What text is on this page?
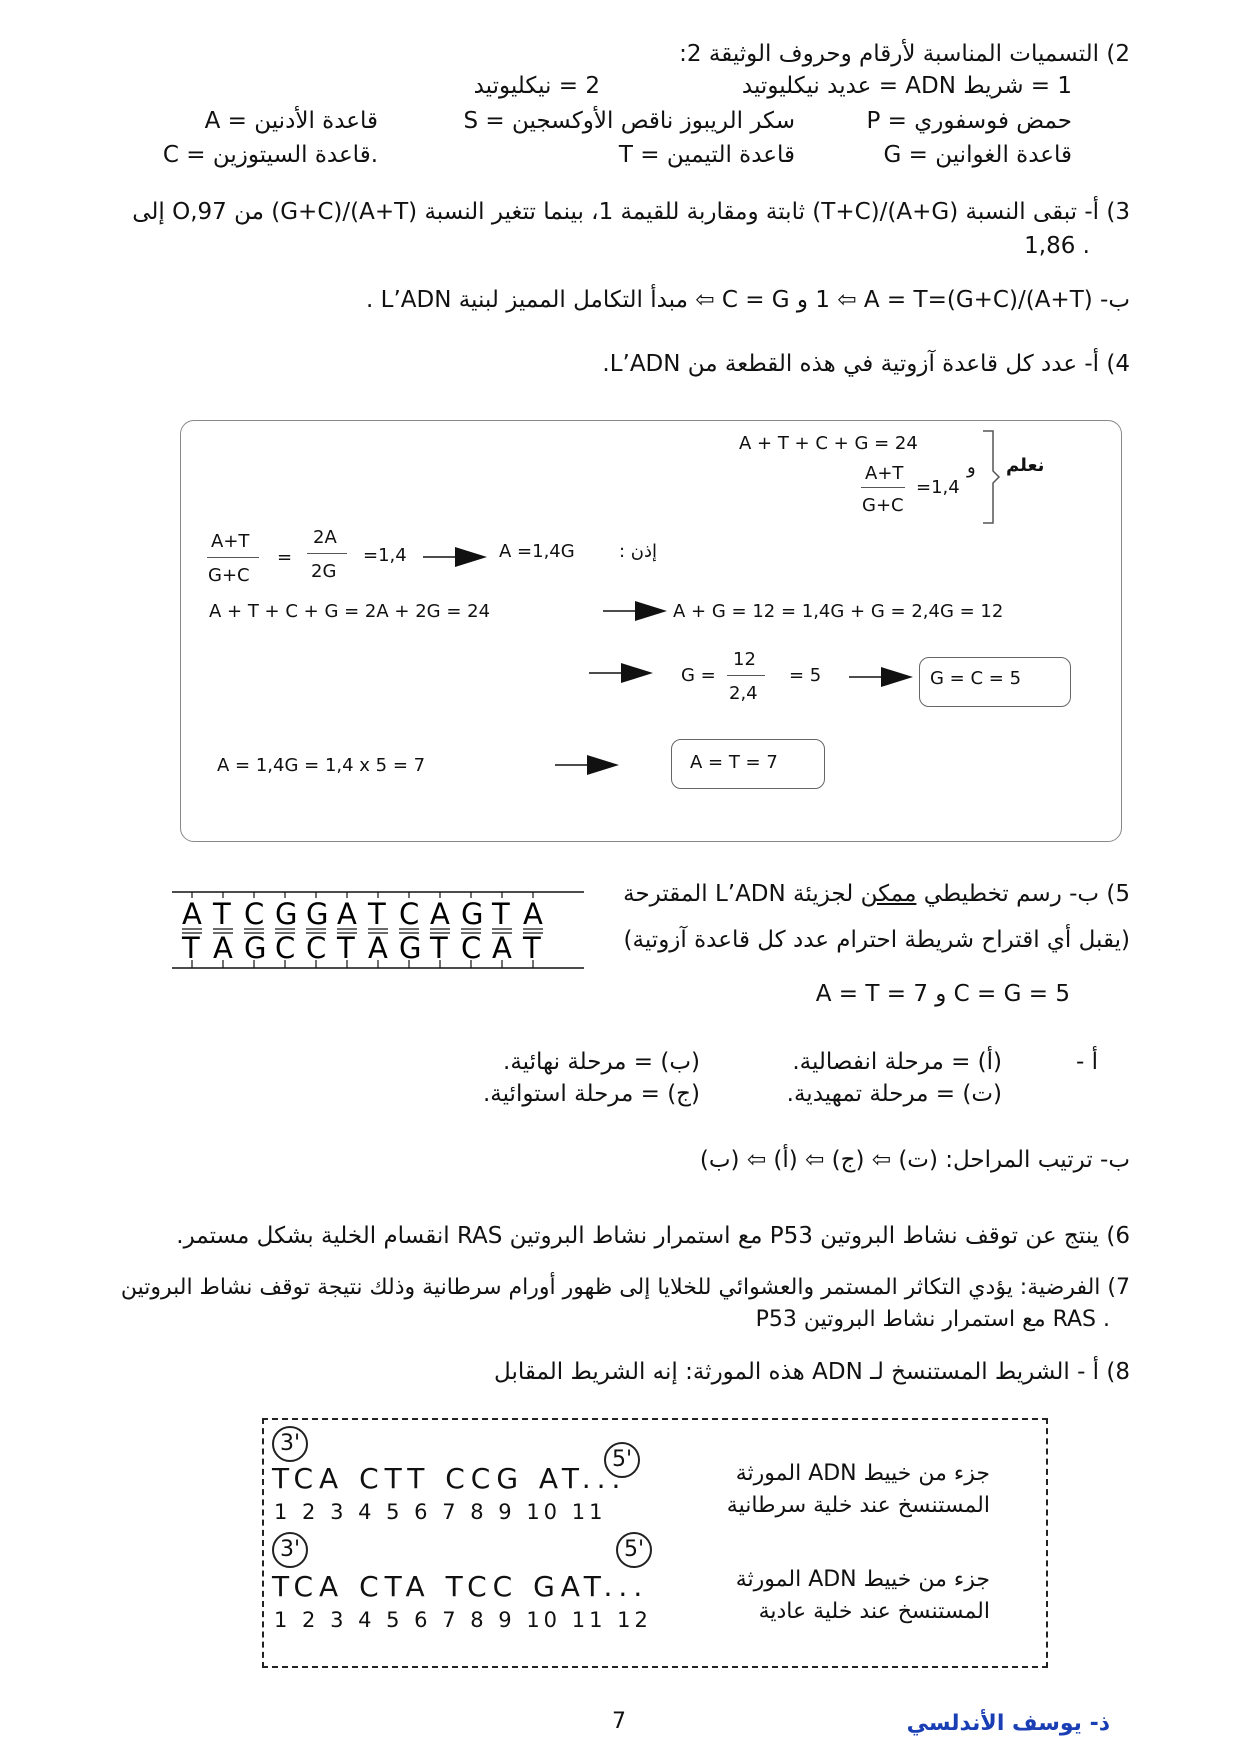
2) التسميات المناسبة لأرقام وحروف الوثيقة 2:
1 = شريط ADN = عديد نيكليوتيد
2 = نيكليوتيد
P = حمض فوسفوري
S = سكر الريبوز ناقص الأوكسجين
A = قاعدة الأدنين
G = قاعدة الغوانين
T = قاعدة التيمين
C = قاعدة السيتوزين.
3) أ- تبقى النسبة (A+G)/(T+C) ثابتة ومقاربة للقيمة 1، بينما تتغير النسبة (A+T)/(G+C) من O,97 إلى
1,86 .
ب- (A+T)/(G+C)=1 ⇦ A = T و C = G ⇦ مبدأ التكامل المميز لبنية L’ADN .
4) أ- عدد كل قاعدة آزوتية في هذه القطعة من L’ADN.
A + T + C + G = 24
A+T
G+C
=1,4
و نعلم
A+T
G+C
=
2A
2G
=1,4	A =1,4G إذن :
A + T + C + G = 2A + 2G = 24	A + G = 12 = 1,4G + G = 2,4G = 12
G =
12
2,4
= 5	G = C = 5
A = 1,4G = 1,4 x 5 = 7	A = T = 7
5) ب- رسم تخطيطي ممكن لجزيئة L’ADN المقترحة
(يقبل أي اقتراح شريطة احترام عدد كل قاعدة آزوتية)
A = T = 7 و C = G = 5
A
T
T
A
C
G
G
C
G
C
A
T
T
A
C
G
A
T
G
C
T
A
A
T
أ -
(أ) = مرحلة انفصالية.
(ب) = مرحلة نهائية.
(ت) = مرحلة تمهيدية.
(ج) = مرحلة استوائية.
ب- ترتيب المراحل: (ت) ⇦ (ج) ⇦ (أ) ⇦ (ب)
6) ينتج عن توقف نشاط البروتين P53 مع استمرار نشاط البروتين RAS انقسام الخلية بشكل مستمر.
7) الفرضية: يؤدي التكاثر المستمر والعشوائي للخلايا إلى ظهور أورام سرطانية وذلك نتيجة توقف نشاط البروتين
P53 مع استمرار نشاط البروتين RAS .
8) أ - الشريط المستنسخ لـ ADN هذه المورثة: إنه الشريط المقابل
3'
5'
TCA CTT CCG AT...
1 2 3 4 5 6 7 8 9 10 11
جزء من خييط ADN المورثة
المستنسخ عند خلية سرطانية
3'	5'
TCA CTA TCC GAT...
1 2 3 4 5 6 7 8 9 10 11 12
جزء من خييط ADN المورثة
المستنسخ عند خلية عادية
7	ذ- يوسف الأندلسي
